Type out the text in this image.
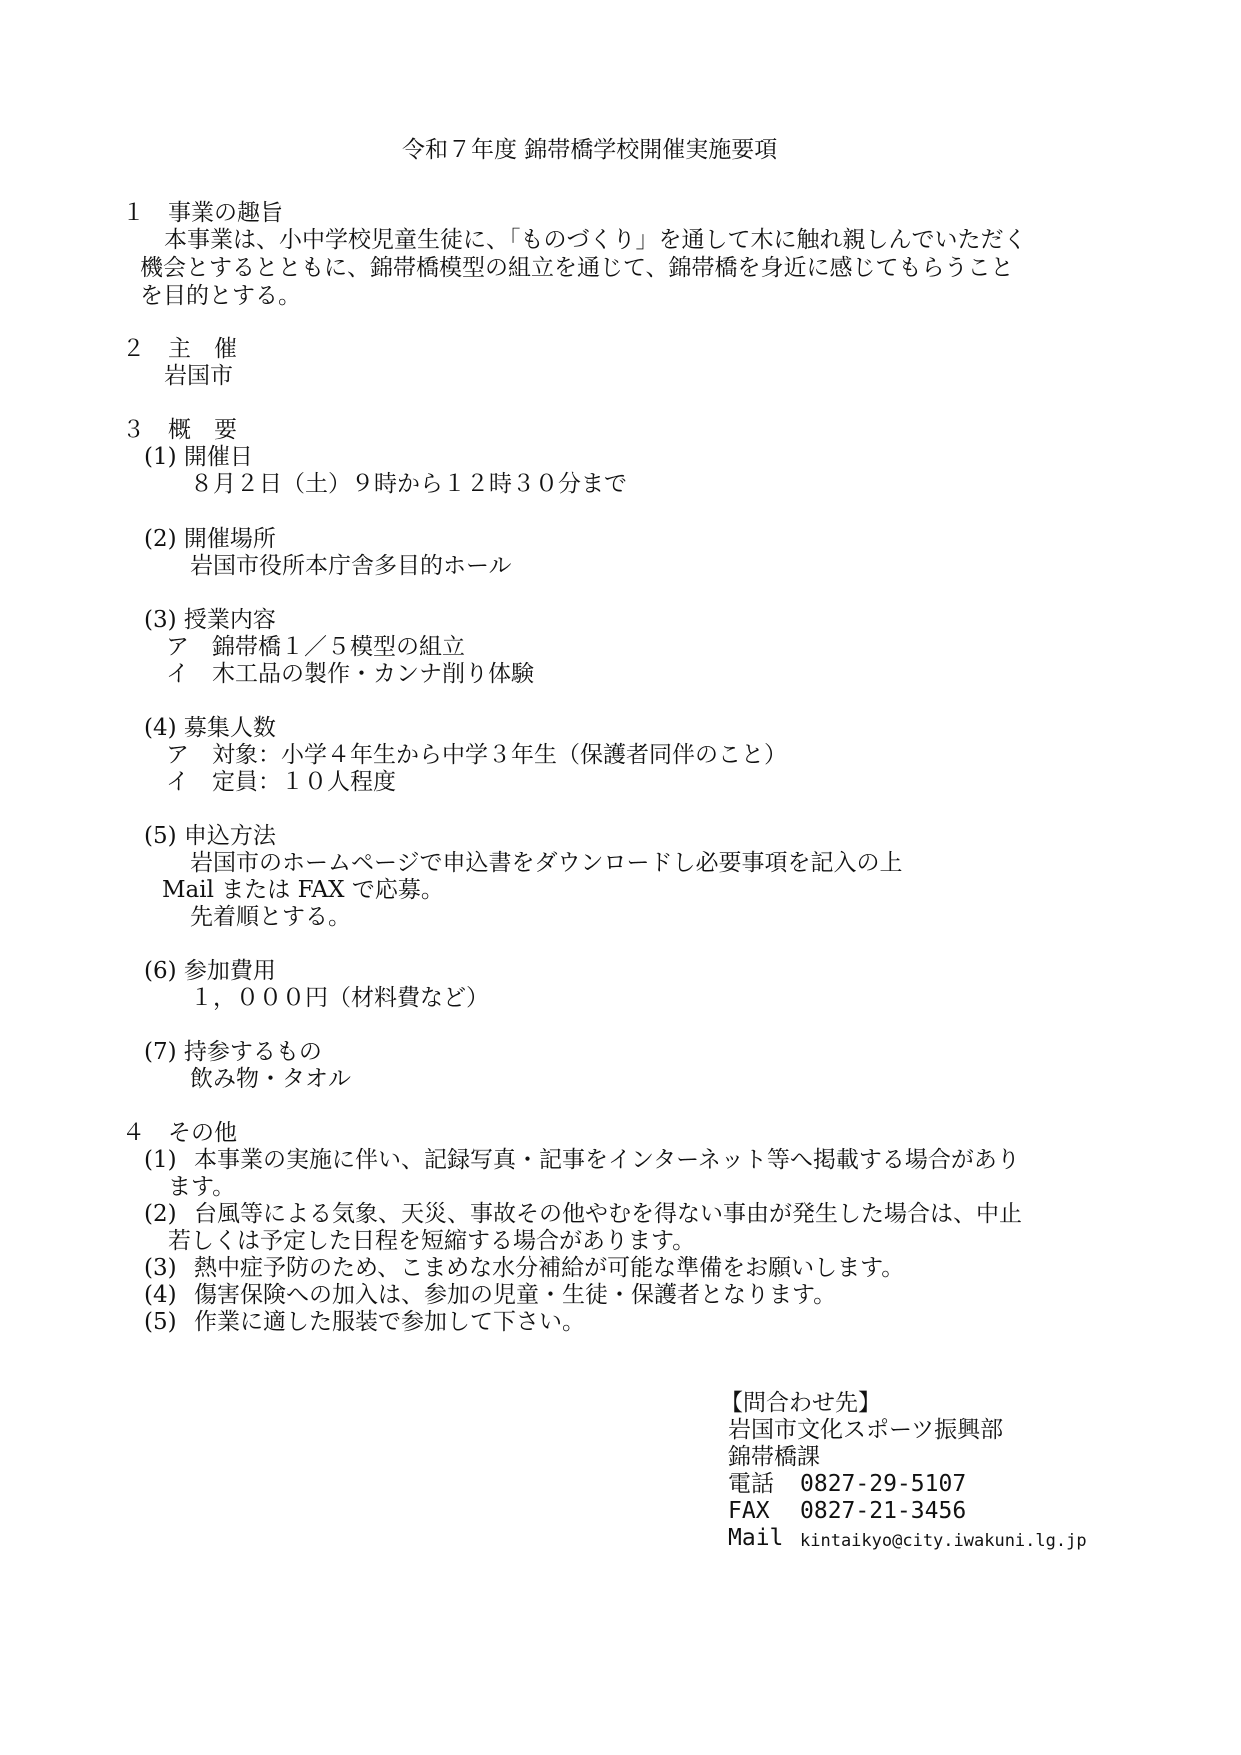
令和７年度 錦帯橋学校開催実施要項
１　事業の趣旨
本事業は、小中学校児童生徒に、「ものづくり」を通して木に触れ親しんでいただく
機会とするとともに、錦帯橋模型の組立を通じて、錦帯橋を身近に感じてもらうこと
を目的とする。
２　主　催
岩国市
３　概　要
(1) 開催日
８月２日（土）９時から１２時３０分まで
(2) 開催場所
岩国市役所本庁舎多目的ホール
(3) 授業内容
ア　錦帯橋１／５模型の組立
イ　木工品の製作・カンナ削り体験
(4) 募集人数
ア　対象：小学４年生から中学３年生（保護者同伴のこと）
イ　定員：１０人程度
(5) 申込方法
岩国市のホームページで申込書をダウンロードし必要事項を記入の上
Mail または FAX で応募。
先着順とする。
(6) 参加費用
１，０００円（材料費など）
(7) 持参するもの
飲み物・タオル
４　その他
(1) 本事業の実施に伴い、記録写真・記事をインターネット等へ掲載する場合があり
ます。
(2) 台風等による気象、天災、事故その他やむを得ない事由が発生した場合は、中止
若しくは予定した日程を短縮する場合があります。
(3) 熱中症予防のため、こまめな水分補給が可能な準備をお願いします。
(4) 傷害保険への加入は、参加の児童・生徒・保護者となります。
(5) 作業に適した服装で参加して下さい。
【問合わせ先】
岩国市文化スポーツ振興部
錦帯橋課
電話 0827-29-5107
FAX 0827-21-3456
Mail kintaikyo@city.iwakuni.lg.jp
